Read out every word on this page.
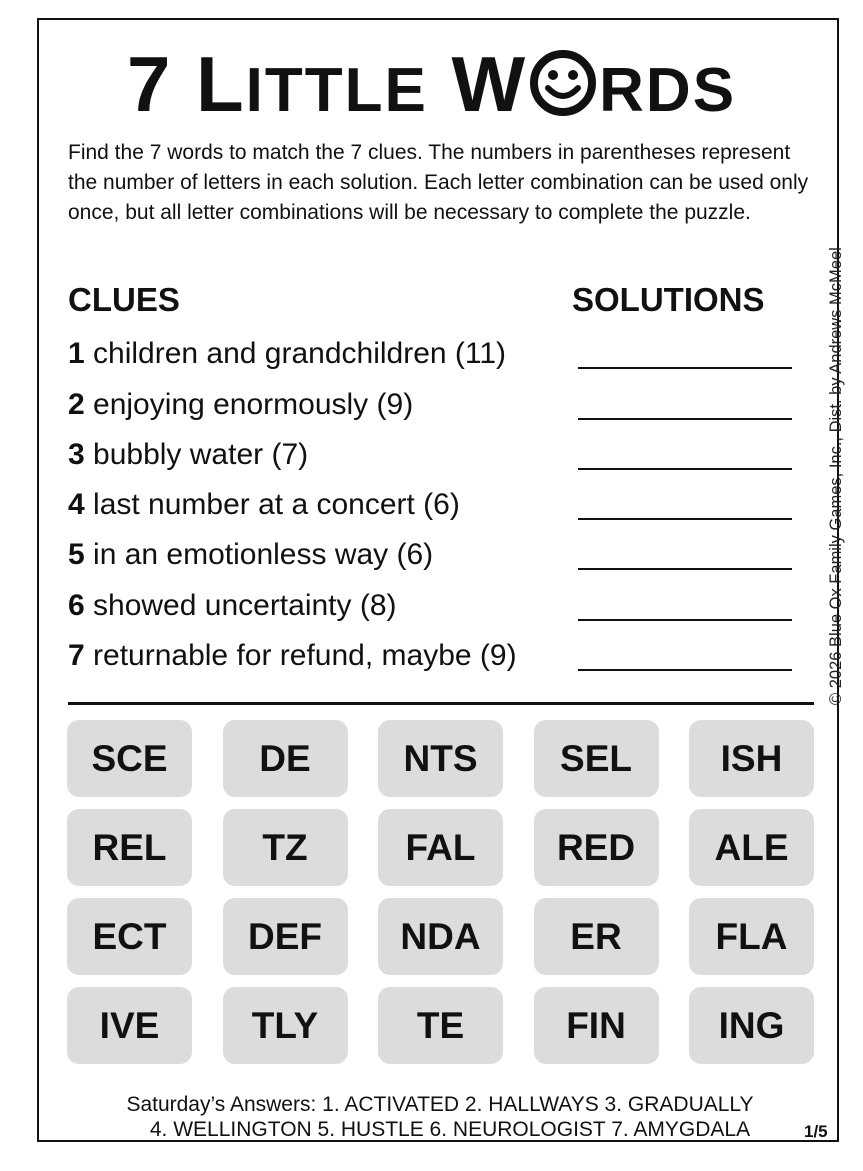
7 LITTLE W RDS
Find the 7 words to match the 7 clues. The numbers in parentheses represent the number of letters in each solution. Each letter combination can be used only once, but all letter combinations will be necessary to complete the puzzle.
© 2026 Blue Ox Family Games, Inc., Dist. by Andrews McMeel
CLUES	SOLUTIONS
1 children and grandchildren (11)
2 enjoying enormously (9)
3 bubbly water (7)
4 last number at a concert (6)
5 in an emotionless way (6)
6 showed uncertainty (8)
7 returnable for refund, maybe (9)
SCE	DE	NTS	SEL	ISH
REL	TZ	FAL	RED	ALE
ECT	DEF	NDA	ER	FLA
IVE	TLY	TE	FIN	ING
Saturday’s Answers: 1. ACTIVATED 2. HALLWAYS 3. GRADUALLY
4. WELLINGTON 5. HUSTLE 6. NEUROLOGIST 7. AMYGDALA	1/5
